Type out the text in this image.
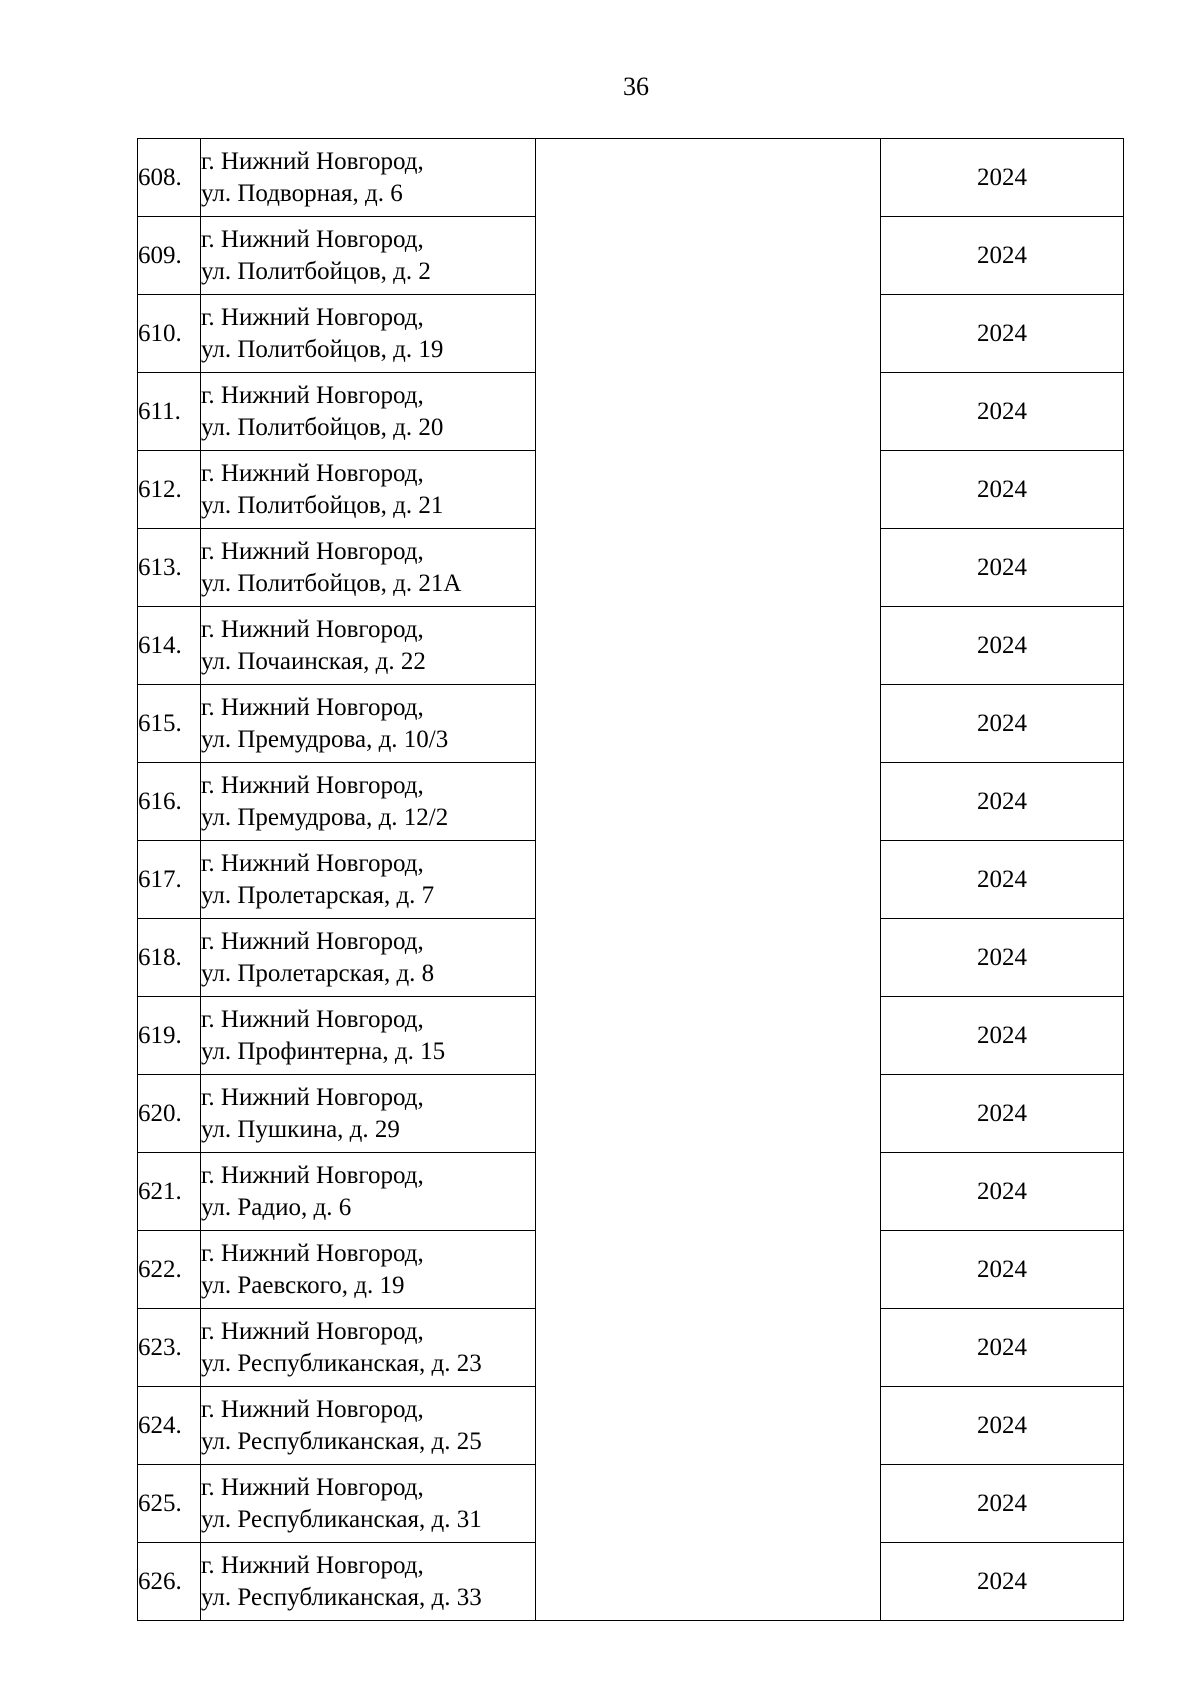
36
608.	г. Нижний Новгород,
ул. Подворная, д. 6		2024
609.	г. Нижний Новгород,
ул. Политбойцов, д. 2		2024
610.	г. Нижний Новгород,
ул. Политбойцов, д. 19		2024
611.	г. Нижний Новгород,
ул. Политбойцов, д. 20		2024
612.	г. Нижний Новгород,
ул. Политбойцов, д. 21		2024
613.	г. Нижний Новгород,
ул. Политбойцов, д. 21А		2024
614.	г. Нижний Новгород,
ул. Почаинская, д. 22		2024
615.	г. Нижний Новгород,
ул. Премудрова, д. 10/3		2024
616.	г. Нижний Новгород,
ул. Премудрова, д. 12/2		2024
617.	г. Нижний Новгород,
ул. Пролетарская, д. 7		2024
618.	г. Нижний Новгород,
ул. Пролетарская, д. 8		2024
619.	г. Нижний Новгород,
ул. Профинтерна, д. 15		2024
620.	г. Нижний Новгород,
ул. Пушкина, д. 29		2024
621.	г. Нижний Новгород,
ул. Радио, д. 6		2024
622.	г. Нижний Новгород,
ул. Раевского, д. 19		2024
623.	г. Нижний Новгород,
ул. Республиканская, д. 23		2024
624.	г. Нижний Новгород,
ул. Республиканская, д. 25		2024
625.	г. Нижний Новгород,
ул. Республиканская, д. 31		2024
626.	г. Нижний Новгород,
ул. Республиканская, д. 33		2024
